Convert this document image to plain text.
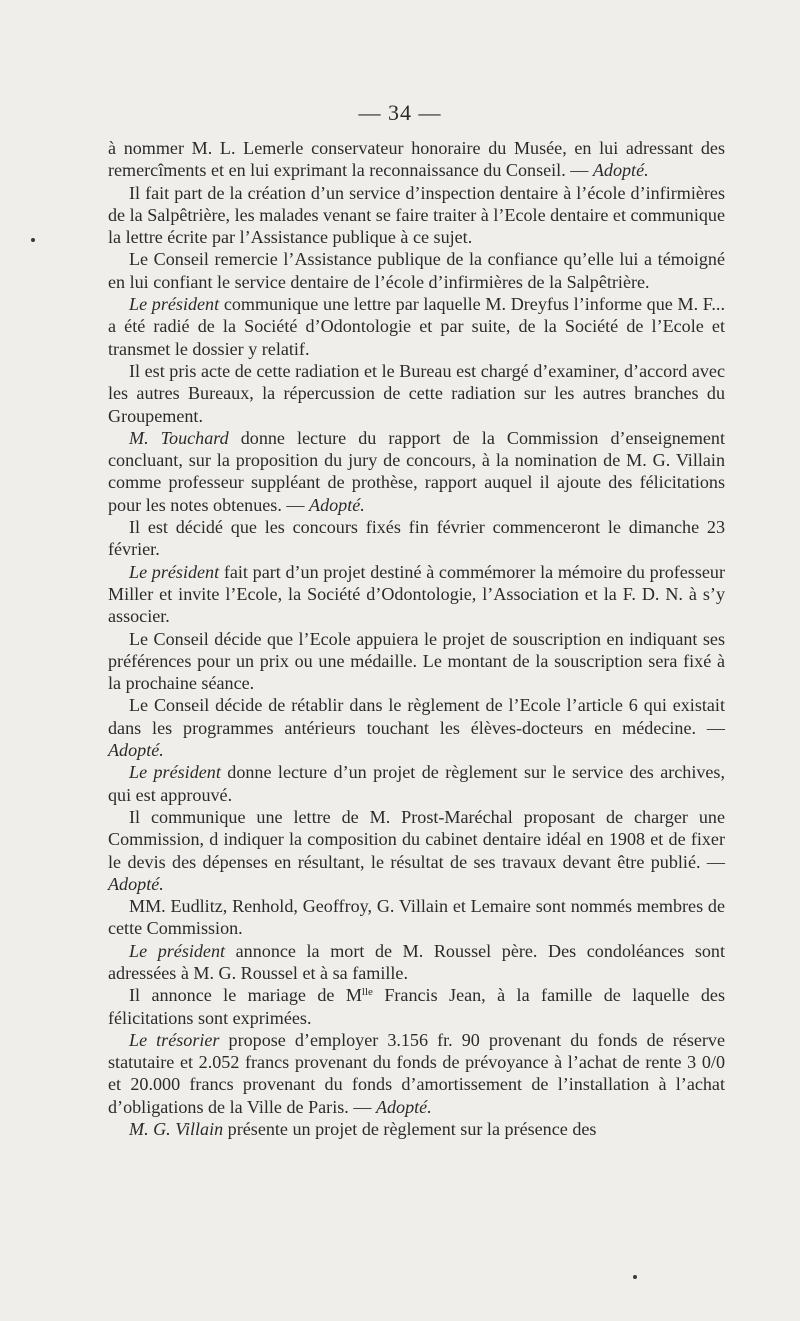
— 34 —

à nommer M. L. Lemerle conservateur honoraire du Musée, en lui adressant des remercîments et en lui exprimant la reconnaissance du Conseil. — Adopté.

Il fait part de la création d’un service d’inspection dentaire à l’école d’infirmières de la Salpêtrière, les malades venant se faire traiter à l’Ecole dentaire et communique la lettre écrite par l’Assistance publique à ce sujet.

Le Conseil remercie l’Assistance publique de la confiance qu’elle lui a témoigné en lui confiant le service dentaire de l’école d’infirmières de la Salpêtrière.

Le président communique une lettre par laquelle M. Dreyfus l’informe que M. F... a été radié de la Société d’Odontologie et par suite, de la Société de l’Ecole et transmet le dossier y relatif.

Il est pris acte de cette radiation et le Bureau est chargé d’examiner, d’accord avec les autres Bureaux, la répercussion de cette radiation sur les autres branches du Groupement.

M. Touchard donne lecture du rapport de la Commission d’enseignement concluant, sur la proposition du jury de concours, à la nomination de M. G. Villain comme professeur suppléant de prothèse, rapport auquel il ajoute des félicitations pour les notes obtenues. — Adopté.

Il est décidé que les concours fixés fin février commenceront le dimanche 23 février.

Le président fait part d’un projet destiné à commémorer la mémoire du professeur Miller et invite l’Ecole, la Société d’Odontologie, l’Association et la F. D. N. à s’y associer.

Le Conseil décide que l’Ecole appuiera le projet de souscription en indiquant ses préférences pour un prix ou une médaille. Le montant de la souscription sera fixé à la prochaine séance.

Le Conseil décide de rétablir dans le règlement de l’Ecole l’article 6 qui existait dans les programmes antérieurs touchant les élèves-docteurs en médecine. — Adopté.

Le président donne lecture d’un projet de règlement sur le service des archives, qui est approuvé.

Il communique une lettre de M. Prost-Maréchal proposant de charger une Commission, d indiquer la composition du cabinet dentaire idéal en 1908 et de fixer le devis des dépenses en résultant, le résultat de ses travaux devant être publié. — Adopté.

MM. Eudlitz, Renhold, Geoffroy, G. Villain et Lemaire sont nommés membres de cette Commission.

Le président annonce la mort de M. Roussel père. Des condoléances sont adressées à M. G. Roussel et à sa famille.

Il annonce le mariage de $M^{lle}$ Francis Jean, à la famille de laquelle des félicitations sont exprimées.

Le trésorier propose d’employer 3.156 fr. 90 provenant du fonds de réserve statutaire et 2.052 francs provenant du fonds de prévoyance à l’achat de rente 3 0/0 et 20.000 francs provenant du fonds d’amortissement de l’installation à l’achat d’obligations de la Ville de Paris. — Adopté.

M. G. Villain présente un projet de règlement sur la présence des
